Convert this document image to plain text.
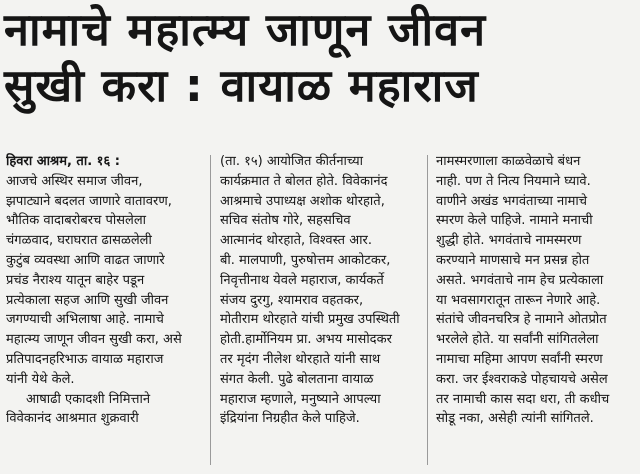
नामाचे महात्म्य जाणून जीवन
सुखी करा : वायाळ महाराज

हिवरा आश्रम, ता. १६ :

आजचे अस्थिर समाज जीवन,

झपाट्याने बदलत जाणारे वातावरण,

भौतिक वादाबरोबरच पोसलेला

चंगळवाद, घराघरात ढासळलेली

कुटुंब व्यवस्था आणि वाढत जाणारे

प्रचंड नैराश्य यातून बाहेर पडून

प्रत्येकाला सहज आणि सुखी जीवन

जगण्याची अभिलाषा आहे. नामाचे

महात्म्य जाणून जीवन सुखी करा, असे

प्रतिपादनहरिभाऊ वायाळ महाराज

यांनी येथे केले.

आषाढी एकादशी निमित्ताने

विवेकानंद आश्रमात शुक्रवारी

(ता. १५) आयोजित कीर्तनाच्या

कार्यक्रमात ते बोलत होते. विवेकानंद

आश्रमाचे उपाध्यक्ष अशोक थोरहाते,

सचिव संतोष गोरे, सहसचिव

आत्मानंद थोरहाते, विश्वस्त आर.

बी. मालपाणी, पुरुषोत्तम आकोटकर,

निवृत्तीनाथ येवले महाराज, कार्यकर्ते

संजय दुरगु, श्यामराव वहतकर,

मोतीराम थोरहाते यांची प्रमुख उपस्थिती

होती.हार्मोनियम प्रा. अभय मासोदकर

तर मृदंग नीलेश थोरहाते यांनी साथ

संगत केली. पुढे बोलताना वायाळ

महाराज म्हणाले, मनुष्याने आपल्या

इंद्रियांना निग्रहीत केले पाहिजे.

नामस्मरणाला काळवेळाचे बंधन

नाही. पण ते नित्य नियमाने घ्यावे.

वाणीने अखंड भगवंताच्या नामाचे

स्मरण केले पाहिजे. नामाने मनाची

शुद्धी होते. भगवंताचे नामस्मरण

करण्याने माणसाचे मन प्रसन्न होत

असते. भगवंताचे नाम हेच प्रत्येकाला

या भवसागरातून तारून नेणारे आहे.

संतांचे जीवनचरित्र हे नामाने ओतप्रोत

भरलेले होते. या सर्वांनी सांगितलेला

नामाचा महिमा आपण सर्वांनी स्मरण

करा. जर ईश्वराकडे पोहचायचे असेल

तर नामाची कास सदा धरा, ती कधीच

सोडू नका, असेही त्यांनी सांगितले.
